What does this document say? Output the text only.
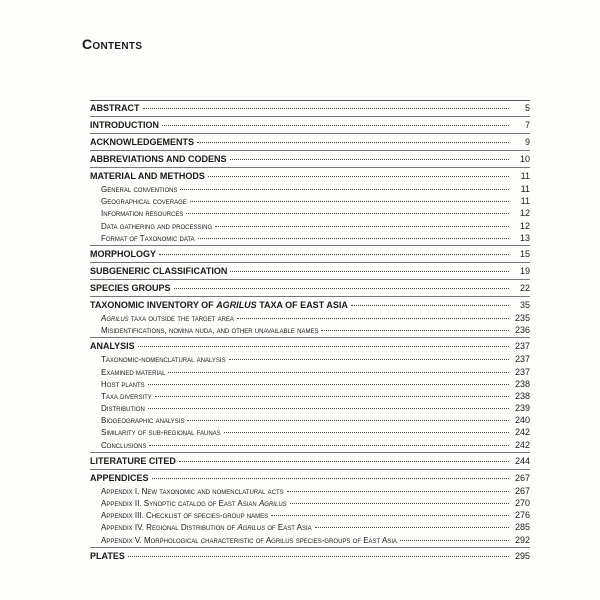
Contents
ABSTRACT	5
INTRODUCTION	7
ACKNOWLEDGEMENTS	9
ABBREVIATIONS AND CODENS	10
MATERIAL AND METHODS	11
General conventions	11
Geographical coverage	11
Information resources	12
Data gathering and processing	12
Format of Taxonomic data	13
MORPHOLOGY	15
SUBGENERIC CLASSIFICATION	19
SPECIES GROUPS	22
TAXONOMIC INVENTORY OF AGRILUS TAXA OF EAST ASIA	35
Agrilus taxa outside the target area	235
Misidentifications, nomina nuda, and other unavailable names	236
ANALYSIS	237
Taxonomic-nomenclatural analysis	237
Examined material	237
Host plants	238
Taxa diversity	238
Distribution	239
Biogeographic analysis	240
Similarity of sub-regional faunas	242
Conclusions	242
LITERATURE CITED	244
APPENDICES	267
Appendix I. New taxonomic and nomenclatural acts	267
Appendix II. Synoptic catalog of East Asian Agrilus	270
Appendix III. Checklist of species-group names	276
Appendix IV. Regional Distribution of Agrilus of East Asia	285
Appendix V. Morphological characteristic of Agrilus species-groups of East Asia	292
PLATES	295
